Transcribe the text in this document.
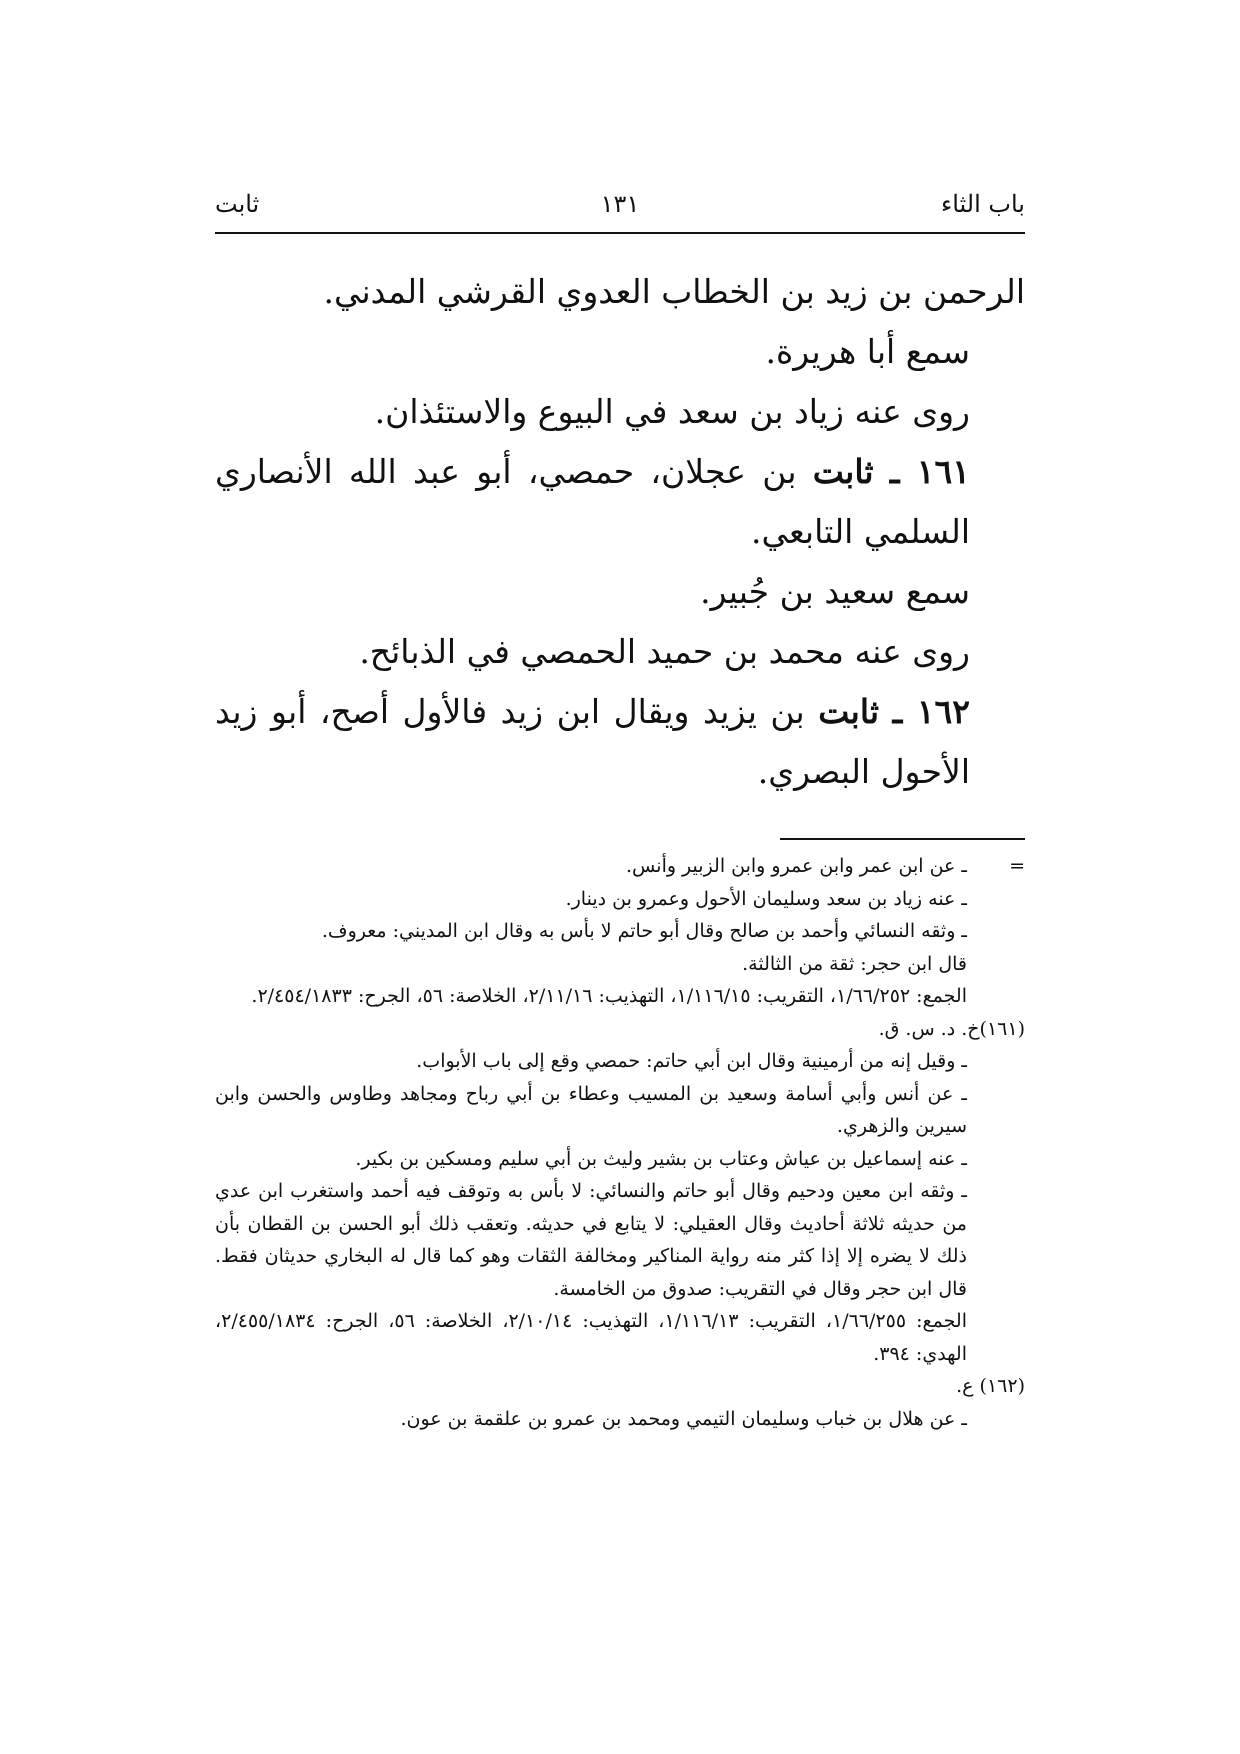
باب الثاء
١٣١
ثابت

الرحمن بن زيد بن الخطاب العدوي القرشي المدني.

سمع أبا هريرة.

روى عنه زياد بن سعد في البيوع والاستئذان.

١٦١ ـ ثابت بن عجلان، حمصي، أبو عبد الله الأنصاري السلمي التابعي.

سمع سعيد بن جُبير.

روى عنه محمد بن حميد الحمصي في الذبائح.

١٦٢ ـ ثابت بن يزيد ويقال ابن زيد فالأول أصح، أبو زيد الأحول البصري.

=

ـ عن ابن عمر وابن عمرو وابن الزبير وأنس.

ـ عنه زياد بن سعد وسليمان الأحول وعمرو بن دينار.

ـ وثقه النسائي وأحمد بن صالح وقال أبو حاتم لا بأس به وقال ابن المديني: معروف.

قال ابن حجر: ثقة من الثالثة.

الجمع: ١/٦٦/٢٥٢، التقريب: ١/١١٦/١٥، التهذيب: ٢/١١/١٦، الخلاصة: ٥٦، الجرح: ٢/٤٥٤/١٨٣٣.

(١٦١)خ. د. س. ق.

ـ وقيل إنه من أرمينية وقال ابن أبي حاتم: حمصي وقع إلى باب الأبواب.

ـ عن أنس وأبي أسامة وسعيد بن المسيب وعطاء بن أبي رباح ومجاهد وطاوس والحسن وابن سيرين والزهري.

ـ عنه إسماعيل بن عياش وعتاب بن بشير وليث بن أبي سليم ومسكين بن بكير.

ـ وثقه ابن معين ودحيم وقال أبو حاتم والنسائي: لا بأس به وتوقف فيه أحمد واستغرب ابن عدي من حديثه ثلاثة أحاديث وقال العقيلي: لا يتابع في حديثه. وتعقب ذلك أبو الحسن بن القطان بأن ذلك لا يضره إلا إذا كثر منه رواية المناكير ومخالفة الثقات وهو كما قال له البخاري حديثان فقط. قال ابن حجر وقال في التقريب: صدوق من الخامسة.

الجمع: ١/٦٦/٢٥٥، التقريب: ١/١١٦/١٣، التهذيب: ٢/١٠/١٤، الخلاصة: ٥٦، الجرح: ٢/٤٥٥/١٨٣٤، الهدي: ٣٩٤.

(١٦٢) ع.

ـ عن هلال بن خباب وسليمان التيمي ومحمد بن عمرو بن علقمة بن عون.
